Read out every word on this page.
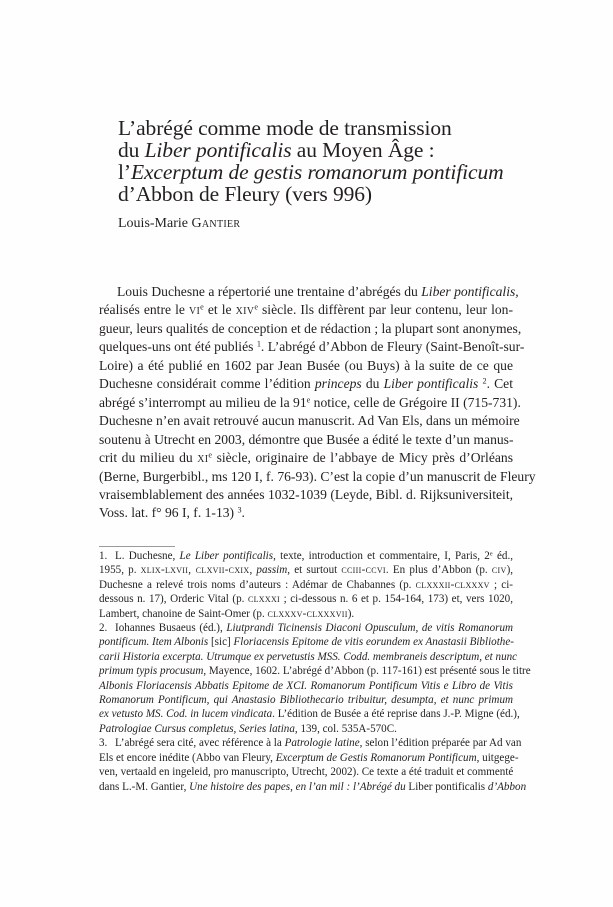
L’abrégé comme mode de transmission
du Liber pontificalis au Moyen Âge :
l’Excerptum de gestis romanorum pontificum
d’Abbon de Fleury (vers 996)
Louis-Marie Gantier
Louis Duchesne a répertorié une trentaine d’abrégés du Liber pontificalis,
réalisés entre le $vi^e$ et le xiv$^e$ siècle. Ils diffèrent par leur contenu, leur lon-
gueur, leurs qualités de conception et de rédaction ; la plupart sont anonymes,
quelques-uns ont été publiés $^1$. L’abrégé d’Abbon de Fleury (Saint-Benoît-sur-
Loire) a été publié en 1602 par Jean Busée (ou Buys) à la suite de ce que
Duchesne considérait comme l’édition princeps du Liber pontificalis $^2$. Cet
abrégé s’interrompt au milieu de la 91e notice, celle de Grégoire II (715-731).
Duchesne n’en avait retrouvé aucun manuscrit. Ad Van Els, dans un mémoire
soutenu à Utrecht en 2003, démontre que Busée a édité le texte d’un manus-
crit du milieu du $xi^e$ siècle, originaire de l’abbaye de Micy près d’Orléans
(Berne, Burgerbibl., ms 120 I, f. 76-93). C’est la copie d’un manuscrit de Fleury
vraisemblablement des années 1032-1039 (Leyde, Bibl. d. Rijksuniversiteit,
Voss. lat. f° 96 I, f. 1-13) $^3$.
1. L. Duchesne, Le Liber pontificalis, texte, introduction et commentaire, I, Paris, 2e éd.,
1955, p. xlix-lxvii, clxvii-cxix, passim, et surtout cciii-ccvi. En plus d’Abbon (p. civ),
Duchesne a relevé trois noms d’auteurs : Adémar de Chabannes (p. clxxxii-clxxxv ; ci-
dessous n. 17), Orderic Vital (p. clxxxi ; ci-dessous n. 6 et p. 154-164, 173) et, vers 1020,
Lambert, chanoine de Saint-Omer (p. clxxxv-clxxxvii).
2. Iohannes Busaeus (éd.), Liutprandi Ticinensis Diaconi Opusculum, de vitis Romanorum
pontificum. Item Albonis [sic] Floriacensis Epitome de vitis eorundem ex Anastasii Bibliothe-
carii Historia excerpta. Utrumque ex pervetustis MSS. Codd. membraneis descriptum, et nunc
primum typis procusum, Mayence, 1602. L’abrégé d’Abbon (p. 117-161) est présenté sous le titre
Albonis Floriacensis Abbatis Epitome de XCI. Romanorum Pontificum Vitis e Libro de Vitis
Romanorum Pontificum, qui Anastasio Bibliothecario tribuitur, desumpta, et nunc primum
ex vetusto MS. Cod. in lucem vindicata. L’édition de Busée a été reprise dans J.-P. Migne (éd.),
Patrologiae Cursus completus, Series latina, 139, col. 535A-570C.
3. L’abrégé sera cité, avec référence à la Patrologie latine, selon l’édition préparée par Ad van
Els et encore inédite (Abbo van Fleury, Excerptum de Gestis Romanorum Pontificum, uitgege-
ven, vertaald en ingeleid, pro manuscripto, Utrecht, 2002). Ce texte a été traduit et commenté
dans L.-M. Gantier, Une histoire des papes, en l’an mil : l’Abrégé du Liber pontificalis d’Abbon
